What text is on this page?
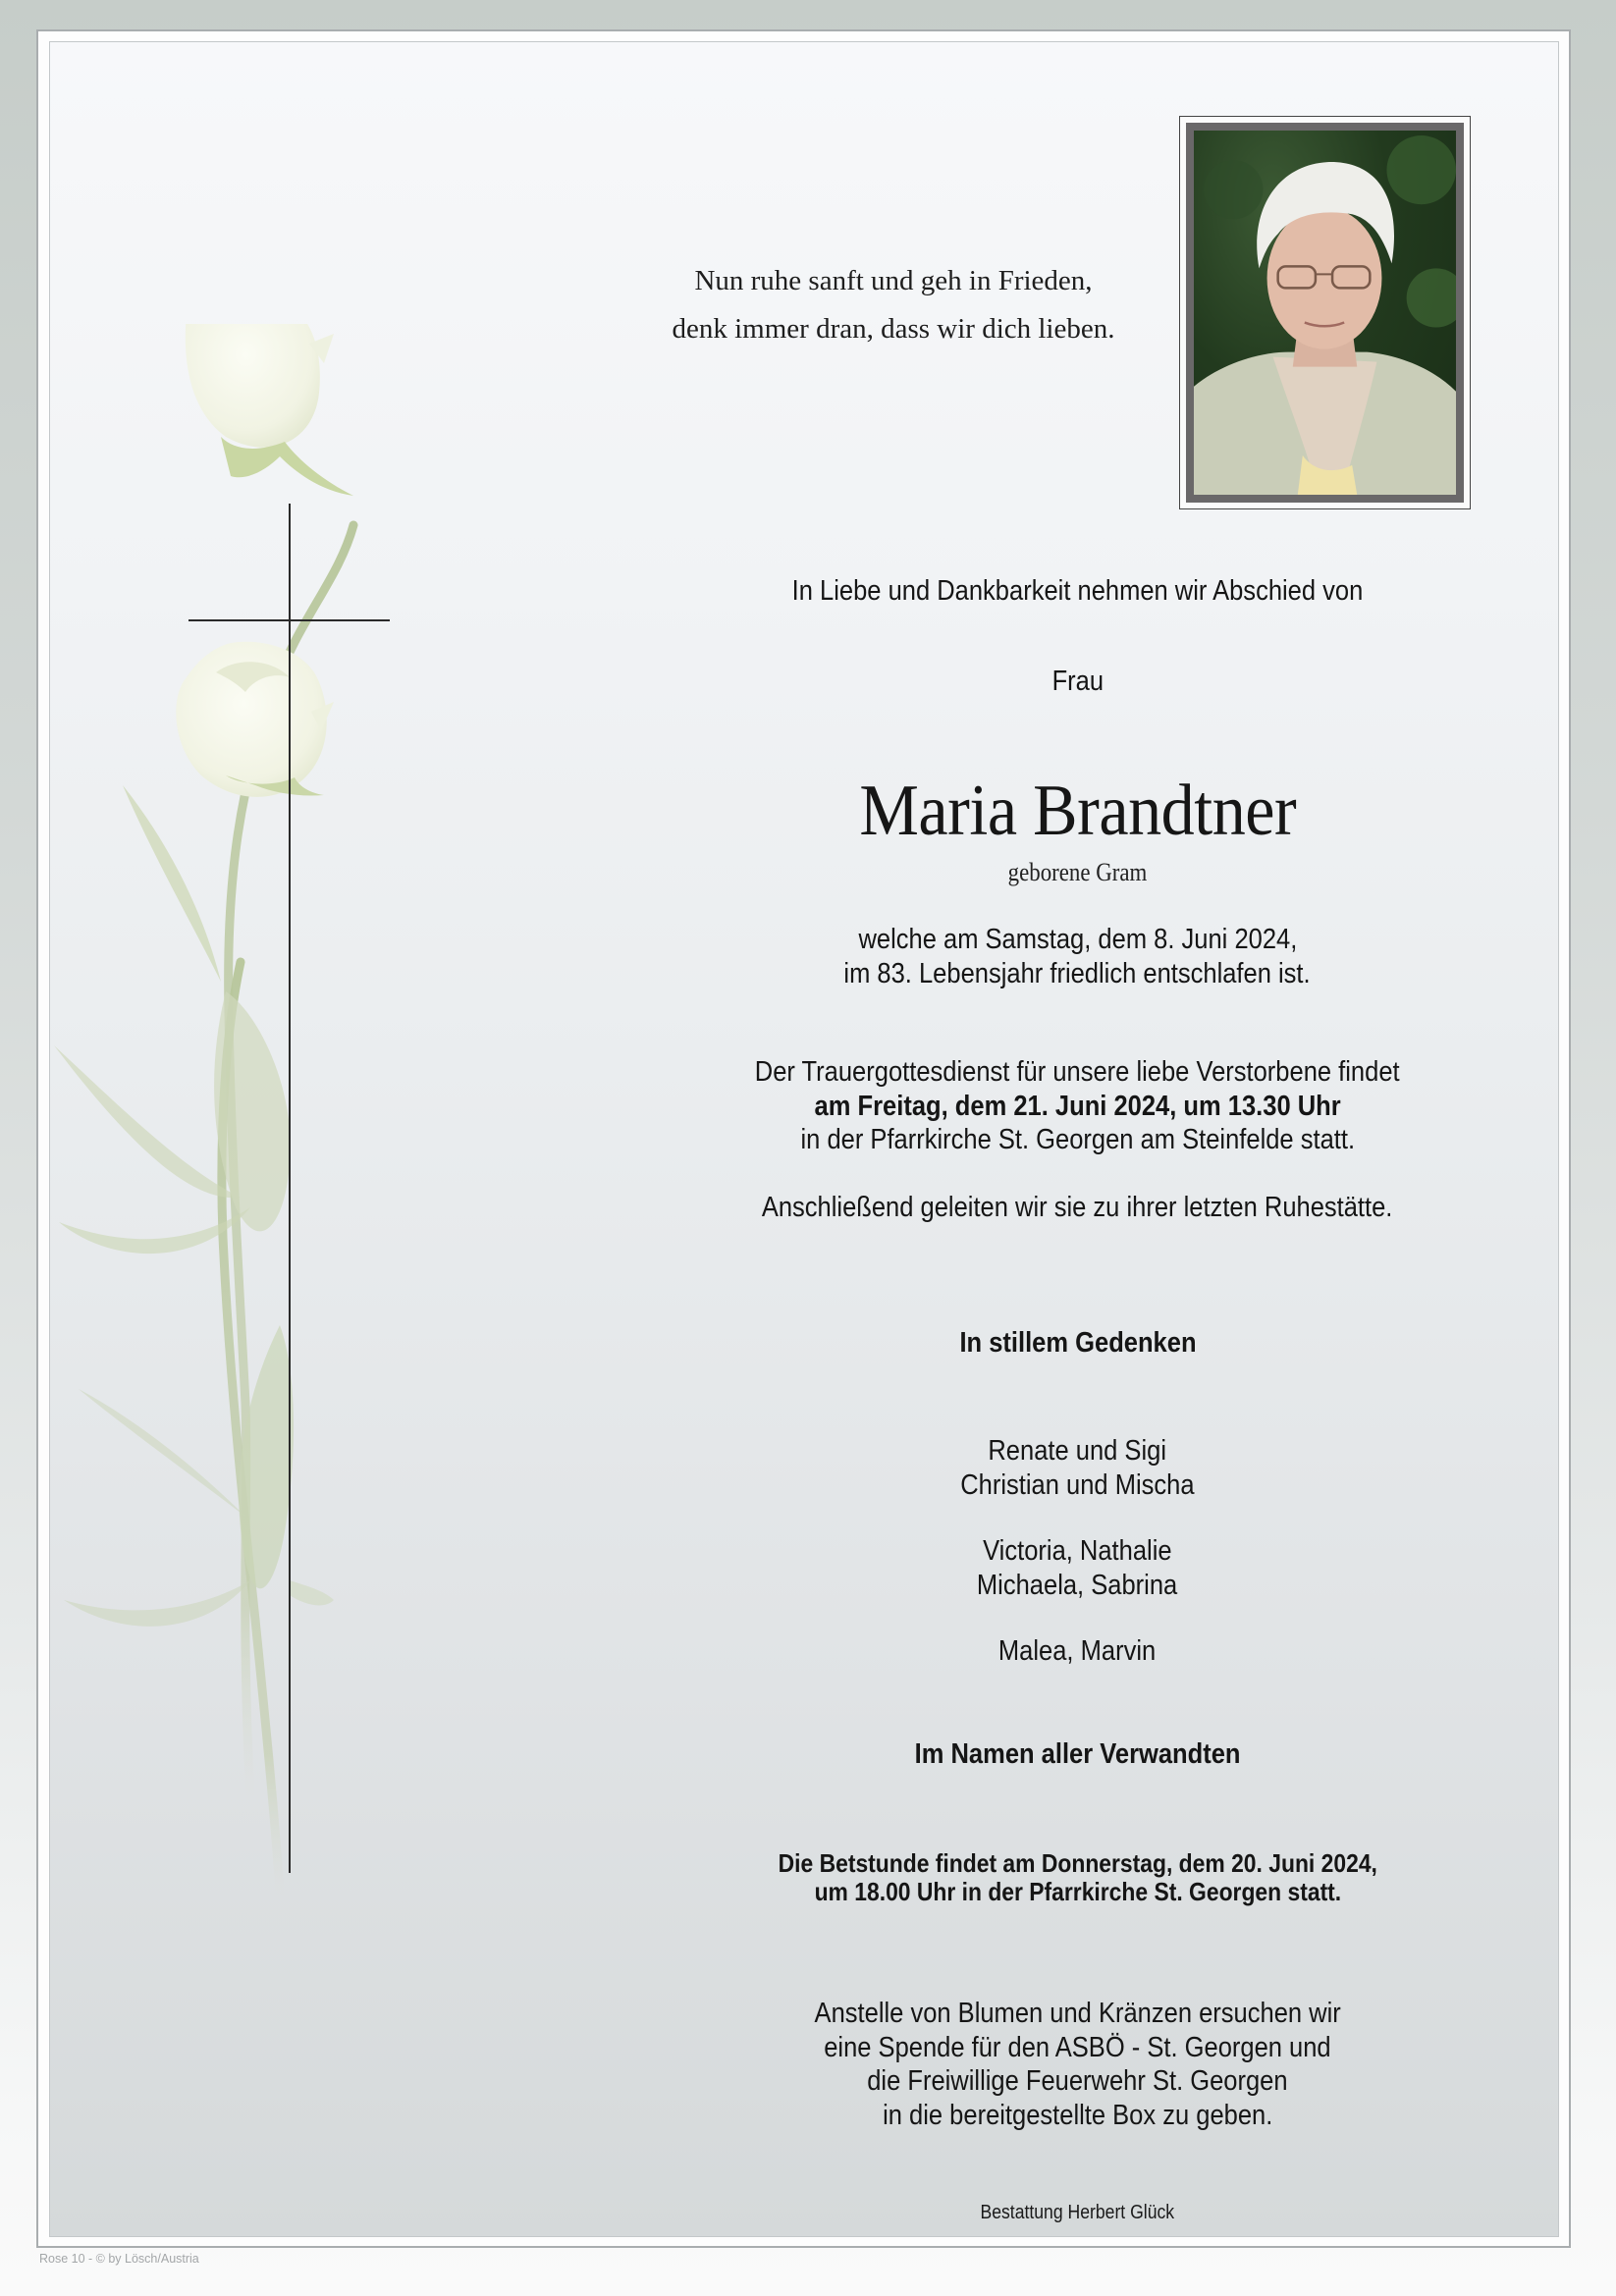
Nun ruhe sanft und geh in Frieden,
denk immer dran, dass wir dich lieben.
In Liebe und Dankbarkeit nehmen wir Abschied von
Frau
Maria Brandtner
geborene Gram
welche am Samstag, dem 8. Juni 2024,
im 83. Lebensjahr friedlich entschlafen ist.
Der Trauergottesdienst für unsere liebe Verstorbene findet
am Freitag, dem 21. Juni 2024, um 13.30 Uhr
in der Pfarrkirche St. Georgen am Steinfelde statt.
Anschließend geleiten wir sie zu ihrer letzten Ruhestätte.
In stillem Gedenken
Renate und Sigi
Christian und Mischa
Victoria, Nathalie
Michaela, Sabrina
Malea, Marvin
Im Namen aller Verwandten
Die Betstunde findet am Donnerstag, dem 20. Juni 2024,
um 18.00 Uhr in der Pfarrkirche St. Georgen statt.
Anstelle von Blumen und Kränzen ersuchen wir
eine Spende für den ASBÖ - St. Georgen und
die Freiwillige Feuerwehr St. Georgen
in die bereitgestellte Box zu geben.
Bestattung Herbert Glück
Rose 10 - © by Lösch/Austria
